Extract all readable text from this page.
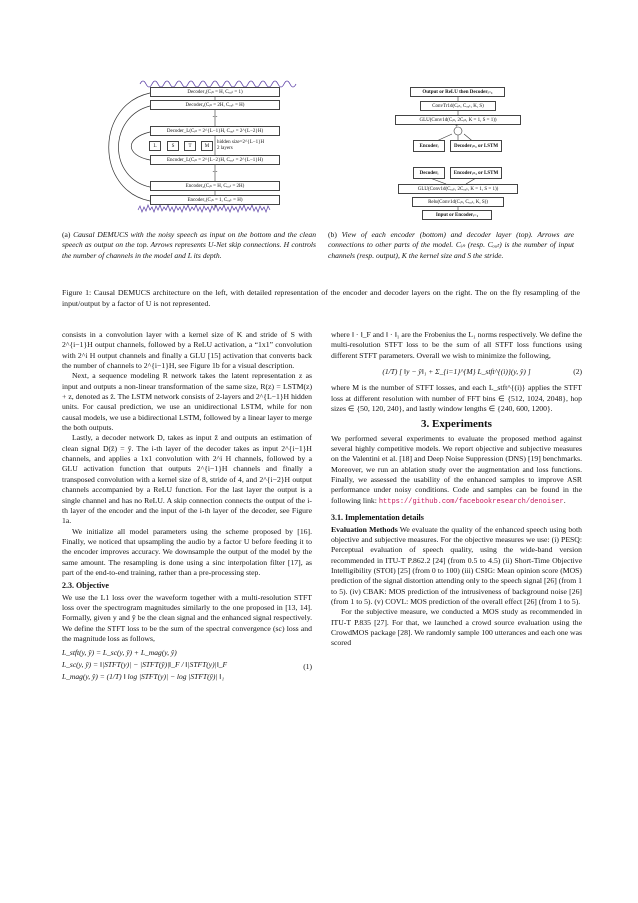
Decoder₁(Cᵢₙ = H, Cₒᵤₜ = 1)
Decoder₂(Cᵢₙ = 2H, Cₒᵤₜ = H)
...
Decoder_L(Cᵢₙ = 2^{L−1}H, Cₒᵤₜ = 2^{L−2}H)
L	S	T	M
hidden size=2^{L−1}H
2 layers
Encoder_L(Cᵢₙ = 2^{L−2}H, Cₒᵤₜ = 2^{L−1}H)
...
Encoder₂(Cᵢₙ = H, Cₒᵤₜ = 2H)
Encoder₁(Cᵢₙ = 1, Cₒᵤₜ = H)
Output or ReLU then Decoderᵢ₋₁
ConvTr1d(Cᵢₙ, Cₒᵤₜ, K, S)
GLU(Conv1d(Cᵢₙ, 2Cᵢₙ, K = 1, S = 1))
+
Encoderᵢ	Decoderᵢ₊₁ or LSTM
Decoderᵢ	Encoderᵢ₊₁ or LSTM
GLU(Conv1d(Cₒᵤₜ, 2Cₒᵤₜ, K = 1, S = 1))
Relu(Conv1d(Cᵢₙ, Cₒᵤₜ, K, S))
Input or Encoderᵢ₋₁
(a) Causal DEMUCS with the noisy speech as input on the bottom and the clean speech as output on the top. Arrows represents U-Net skip connections. H controls the number of channels in the model and L its depth.
(b) View of each encoder (bottom) and decoder layer (top). Arrows are connections to other parts of the model. Cᵢₙ (resp. Cₒᵤₜ) is the number of input channels (resp. output), K the kernel size and S the stride.
Figure 1: Causal DEMUCS architecture on the left, with detailed representation of the encoder and decoder layers on the right. The on the fly resampling of the input/output by a factor of U is not represented.

consists in a convolution layer with a kernel size of K and stride of S with 2^{i−1}H output channels, followed by a ReLU activation, a “1x1” convolution with 2^i H output channels and finally a GLU [15] activation that converts back the number of channels to 2^{i−1}H, see Figure 1b for a visual description.

Next, a sequence modeling R network takes the latent representation z as input and outputs a non-linear transformation of the same size, R(z) = LSTM(z) + z, denoted as ẑ. The LSTM network consists of 2-layers and 2^{L−1}H hidden units. For causal prediction, we use an unidirectional LSTM, while for non causal models, we use a bidirectional LSTM, followed by a linear layer to merge the both outputs.

Lastly, a decoder network D, takes as input ẑ and outputs an estimation of clean signal D(ẑ) = ŷ. The i-th layer of the decoder takes as input 2^{i−1}H channels, and applies a 1x1 convolution with 2^i H channels, followed by a GLU activation function that outputs 2^{i−1}H channels and finally a transposed convolution with a kernel size of 8, stride of 4, and 2^{i−2}H output channels accompanied by a ReLU function. For the last layer the output is a single channel and has no ReLU. A skip connection connects the output of the i-th layer of the encoder and the input of the i-th layer of the decoder, see Figure 1a.

We initialize all model parameters using the scheme proposed by [16]. Finally, we noticed that upsampling the audio by a factor U before feeding it to the encoder improves accuracy. We downsample the output of the model by the same amount. The resampling is done using a sinc interpolation filter [17], as part of the end-to-end training, rather than a pre-processing step.

2.3. Objective

We use the L1 loss over the waveform together with a multi-resolution STFT loss over the spectrogram magnitudes similarly to the one proposed in [13, 14]. Formally, given y and ŷ be the clean signal and the enhanced signal respectively. We define the STFT loss to be the sum of the spectral convergence (sc) loss and the magnitude loss as follows,

(1)
L_stft(y, ŷ) = L_sc(y, ŷ) + L_mag(y, ŷ)
L_sc(y, ŷ) = ‖|STFT(y)| − |STFT(ŷ)|‖_F / ‖|STFT(y)|‖_F
L_mag(y, ŷ) = (1/T) ‖ log |STFT(y)| − log |STFT(ŷ)| ‖₁

where ‖ · ‖_F and ‖ · ‖₁ are the Frobenius the L₁ norms respectively. We define the multi-resolution STFT loss to be the sum of all STFT loss functions using different STFT parameters. Overall we wish to minimize the following,

(1/T) [ ‖y − ŷ‖₁ + Σ_{i=1}^{M} L_stft^{(i)}(y, ŷ) ]	(2)

where M is the number of STFT losses, and each L_stft^{(i)} applies the STFT loss at different resolution with number of FFT bins ∈ {512, 1024, 2048}, hop sizes ∈ {50, 120, 240}, and lastly window lengths ∈ {240, 600, 1200}.

3. Experiments

We performed several experiments to evaluate the proposed method against several highly competitive models. We report objective and subjective measures on the Valentini et al. [18] and Deep Noise Suppression (DNS) [19] benchmarks. Moreover, we run an ablation study over the augmentation and loss functions. Finally, we assessed the usability of the enhanced samples to improve ASR performance under noisy conditions. Code and samples can be found in the following link: https://github.com/facebookresearch/denoiser.

3.1. Implementation details

Evaluation Methods We evaluate the quality of the enhanced speech using both objective and subjective measures. For the objective measures we use: (i) PESQ: Perceptual evaluation of speech quality, using the wide-band version recommended in ITU-T P.862.2 [24] (from 0.5 to 4.5) (ii) Short-Time Objective Intelligibility (STOI) [25] (from 0 to 100) (iii) CSIG: Mean opinion score (MOS) prediction of the signal distortion attending only to the speech signal [26] (from 1 to 5). (iv) CBAK: MOS prediction of the intrusiveness of background noise [26] (from 1 to 5). (v) COVL: MOS prediction of the overall effect [26] (from 1 to 5).

For the subjective measure, we conducted a MOS study as recommended in ITU-T P.835 [27]. For that, we launched a crowd source evaluation using the CrowdMOS package [28]. We randomly sample 100 utterances and each one was scored
